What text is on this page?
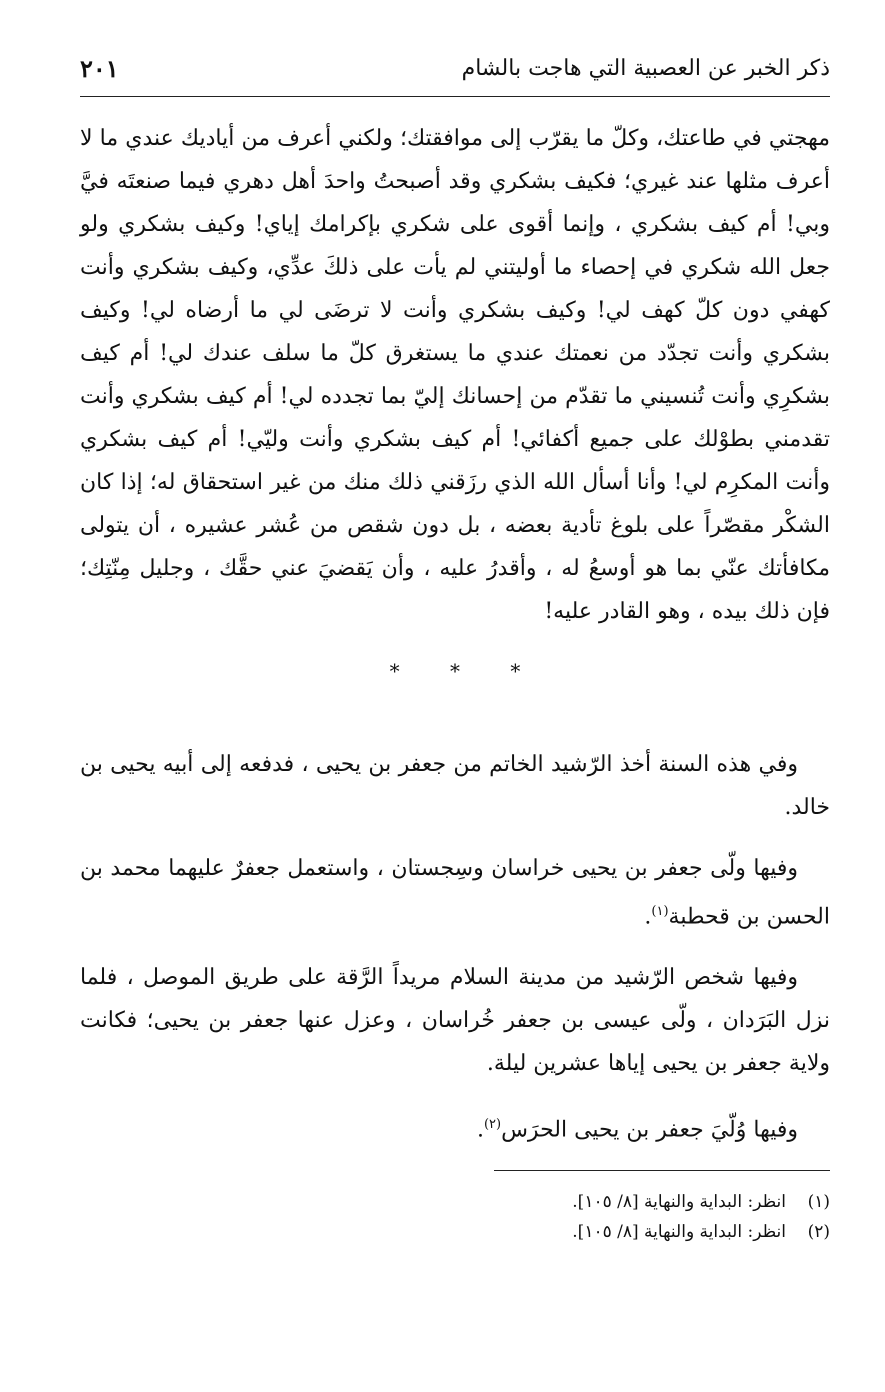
ذكر الخبر عن العصبية التي هاجت بالشام
٢٠١

مهجتي في طاعتك، وكلّ ما يقرّب إلى موافقتك؛ ولكني أعرف من أياديك عندي ما لا أعرف مثلها عند غيري؛ فكيف بشكري وقد أصبحتُ واحدَ أهل دهري فيما صنعتَه فيَّ وبي! أم كيف بشكري ، وإنما أقوى على شكري بإكرامك إياي! وكيف بشكري ولو جعل الله شكري في إحصاء ما أوليتني لم يأت على ذلكَ عدِّي، وكيف بشكري وأنت كهفي دون كلّ كهف لي! وكيف بشكري وأنت لا ترضَى لي ما أرضاه لي! وكيف بشكري وأنت تجدّد من نعمتك عندي ما يستغرق كلّ ما سلف عندك لي! أم كيف بشكرِي وأنت تُنسيني ما تقدّم من إحسانك إليّ بما تجدده لي! أم كيف بشكري وأنت تقدمني بطوْلك على جميع أكفائي! أم كيف بشكري وأنت وليّي! أم كيف بشكري وأنت المكرِم لي! وأنا أسأل الله الذي رزَقني ذلك منك من غير استحقاق له؛ إذا كان الشكْر مقصّراً على بلوغ تأدية بعضه ، بل دون شقص من عُشر عشيره ، أن يتولى مكافأتك عنّي بما هو أوسعُ له ، وأقدرُ عليه ، وأن يَقضيَ عني حقَّك ، وجليل مِنّتِك؛ فإن ذلك بيده ، وهو القادر عليه!

* * *

وفي هذه السنة أخذ الرّشيد الخاتم من جعفر بن يحيى ، فدفعه إلى أبيه يحيى بن خالد.

وفيها ولّى جعفر بن يحيى خراسان وسِجستان ، واستعمل جعفرٌ عليهما محمد بن الحسن بن قحطبة$^{(١)}$.

وفيها شخص الرّشيد من مدينة السلام مريداً الرَّقة على طريق الموصل ، فلما نزل البَرَدان ، ولّى عيسى بن جعفر خُراسان ، وعزل عنها جعفر بن يحيى؛ فكانت ولاية جعفر بن يحيى إياها عشرين ليلة.

وفيها وُلّيَ جعفر بن يحيى الحرَس$^{(٢)}$.

(١)انظر: البداية والنهاية [٨/ ١٠٥].

(٢)انظر: البداية والنهاية [٨/ ١٠٥].
